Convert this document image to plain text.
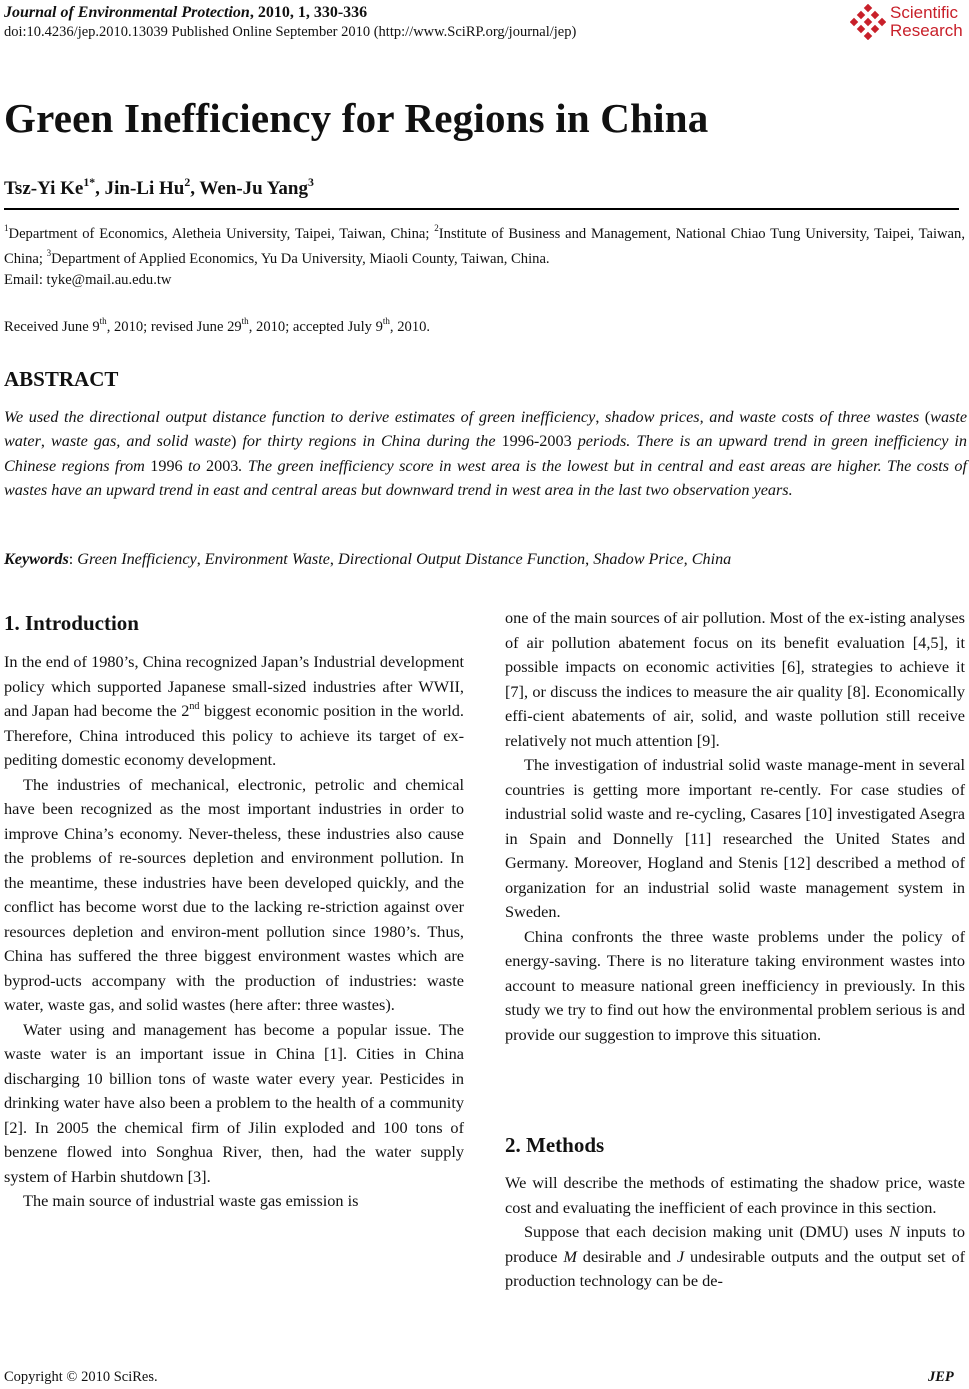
Journal of Environmental Protection, 2010, 1, 330-336
doi:10.4236/jep.2010.13039 Published Online September 2010 (http://www.SciRP.org/journal/jep)
Scientific
Research
Green Inefficiency for Regions in China
Tsz-Yi $Ke^{1*}$, Jin-Li Hu$^2$, Wen-Ju Yang$^3$
$^1$Department of Economics, Aletheia University, Taipei, Taiwan, China; $^2$Institute of Business and Management, National Chiao Tung University, Taipei, Taiwan, China; $^3$Department of Applied Economics, Yu Da University, Miaoli County, Taiwan, China.
Email: tyke@mail.au.edu.tw
Received June 9th, 2010; revised June 29th, 2010; accepted July 9th, 2010.
ABSTRACT
We used the directional output distance function to derive estimates of green inefficiency, shadow prices, and waste costs of three wastes (waste water, waste gas, and solid waste) for thirty regions in China during the 1996-2003 periods. There is an upward trend in green inefficiency in Chinese regions from 1996 to 2003. The green inefficiency score in west area is the lowest but in central and east areas are higher. The costs of wastes have an upward trend in east and central areas but downward trend in west area in the last two observation years.
Keywords: Green Inefficiency, Environment Waste, Directional Output Distance Function, Shadow Price, China
1. Introduction

In the end of 1980’s, China recognized Japan’s Industrial development policy which supported Japanese small-sized industries after WWII, and Japan had become the 2nd biggest economic position in the world. Therefore, China introduced this policy to achieve its target of ex-pediting domestic economy development.

The industries of mechanical, electronic, petrolic and chemical have been recognized as the most important industries in order to improve China’s economy. Never-theless, these industries also cause the problems of re-sources depletion and environment pollution. In the meantime, these industries have been developed quickly, and the conflict has become worst due to the lacking re-striction against over resources depletion and environ-ment pollution since 1980’s. Thus, China has suffered the three biggest environment wastes which are byprod-ucts accompany with the production of industries: waste water, waste gas, and solid wastes (here after: three wastes).

Water using and management has become a popular issue. The waste water is an important issue in China [1]. Cities in China discharging 10 billion tons of waste water every year. Pesticides in drinking water have also been a problem to the health of a community [2]. In 2005 the chemical firm of Jilin exploded and 100 tons of benzene flowed into Songhua River, then, had the water supply system of Harbin shutdown [3].

The main source of industrial waste gas emission is

one of the main sources of air pollution. Most of the ex-isting analyses of air pollution abatement focus on its benefit evaluation [4,5], it possible impacts on economic activities [6], strategies to achieve it [7], or discuss the indices to measure the air quality [8]. Economically effi-cient abatements of air, solid, and waste pollution still receive relatively not much attention [9].

The investigation of industrial solid waste manage-ment in several countries is getting more important re-cently. For case studies of industrial solid waste and re-cycling, Casares [10] investigated Asegra in Spain and Donnelly [11] researched the United States and Germany. Moreover, Hogland and Stenis [12] described a method of organization for an industrial solid waste management system in Sweden.

China confronts the three waste problems under the policy of energy-saving. There is no literature taking environment wastes into account to measure national green inefficiency in previously. In this study we try to find out how the environmental problem serious is and provide our suggestion to improve this situation.

2. Methods

We will describe the methods of estimating the shadow price, waste cost and evaluating the inefficient of each province in this section.

Suppose that each decision making unit (DMU) uses N inputs to produce M desirable and J undesirable outputs and the output set of production technology can be de-

Copyright © 2010 SciRes.	JEP
